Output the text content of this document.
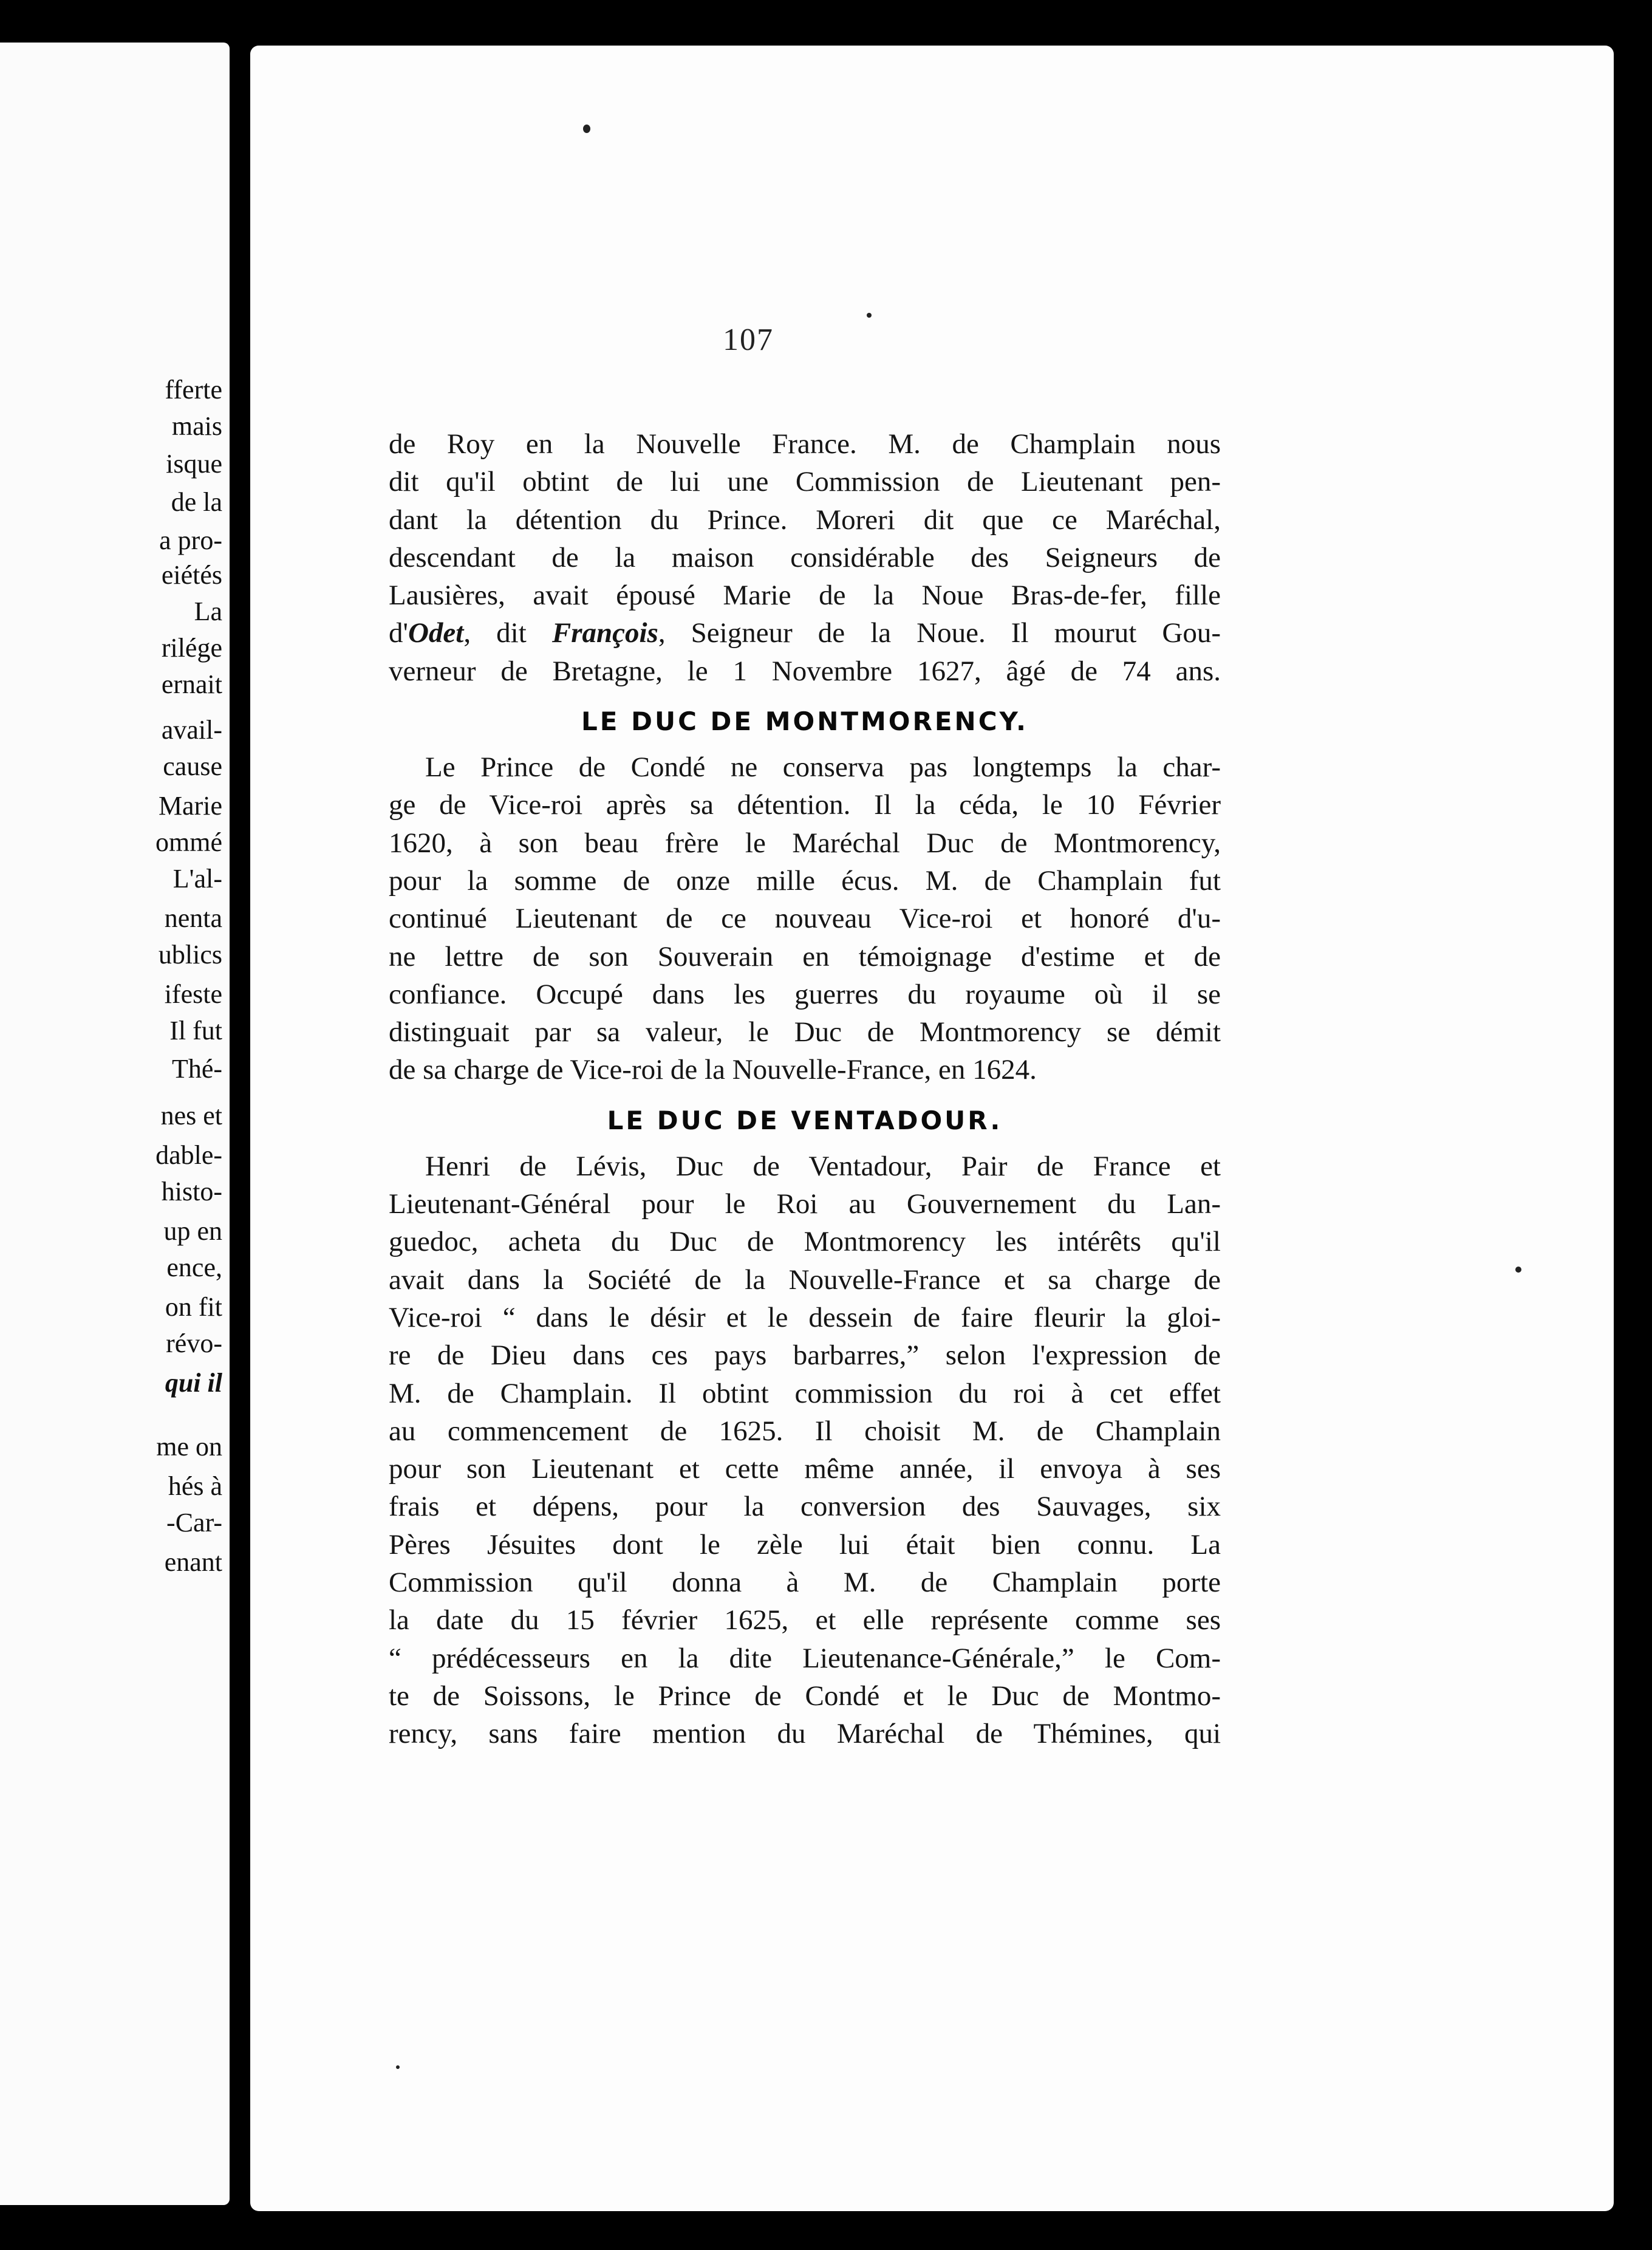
fferte
mais
isque
de la
a pro-
eiétés
La
rilége
ernait
avail-
cause
Marie
ommé
L'al-
nenta
ublics
ifeste
Il fut
Thé-
nes et
dable-
histo-
up en
ence,
on fit
révo-
qui il
me on
hés à
-Car-
enant
107
de Roy en la Nouvelle France. M. de Champlain nous
dit qu'il obtint de lui une Commission de Lieutenant pen-
dant la détention du Prince. Moreri dit que ce Maréchal,
descendant de la maison considérable des Seigneurs de
Lausières, avait épousé Marie de la Noue Bras-de-fer, fille
d'Odet, dit François, Seigneur de la Noue. Il mourut Gou-
verneur de Bretagne, le 1 Novembre 1627, âgé de 74 ans.
LE DUC DE MONTMORENCY.
Le Prince de Condé ne conserva pas longtemps la char-
ge de Vice-roi après sa détention. Il la céda, le 10 Février
1620, à son beau frère le Maréchal Duc de Montmorency,
pour la somme de onze mille écus. M. de Champlain fut
continué Lieutenant de ce nouveau Vice-roi et honoré d'u-
ne lettre de son Souverain en témoignage d'estime et de
confiance. Occupé dans les guerres du royaume où il se
distinguait par sa valeur, le Duc de Montmorency se démit
de sa charge de Vice-roi de la Nouvelle-France, en 1624.
LE DUC DE VENTADOUR.
Henri de Lévis, Duc de Ventadour, Pair de France et
Lieutenant-Général pour le Roi au Gouvernement du Lan-
guedoc, acheta du Duc de Montmorency les intérêts qu'il
avait dans la Société de la Nouvelle-France et sa charge de
Vice-roi “ dans le désir et le dessein de faire fleurir la gloi-
re de Dieu dans ces pays barbarres,” selon l'expression de
M. de Champlain. Il obtint commission du roi à cet effet
au commencement de 1625. Il choisit M. de Champlain
pour son Lieutenant et cette même année, il envoya à ses
frais et dépens, pour la conversion des Sauvages, six
Pères Jésuites dont le zèle lui était bien connu. La
Commission qu'il donna à M. de Champlain porte
la date du 15 février 1625, et elle représente comme ses
“ prédécesseurs en la dite Lieutenance-Générale,” le Com-
te de Soissons, le Prince de Condé et le Duc de Montmo-
rency, sans faire mention du Maréchal de Thémines, qui
